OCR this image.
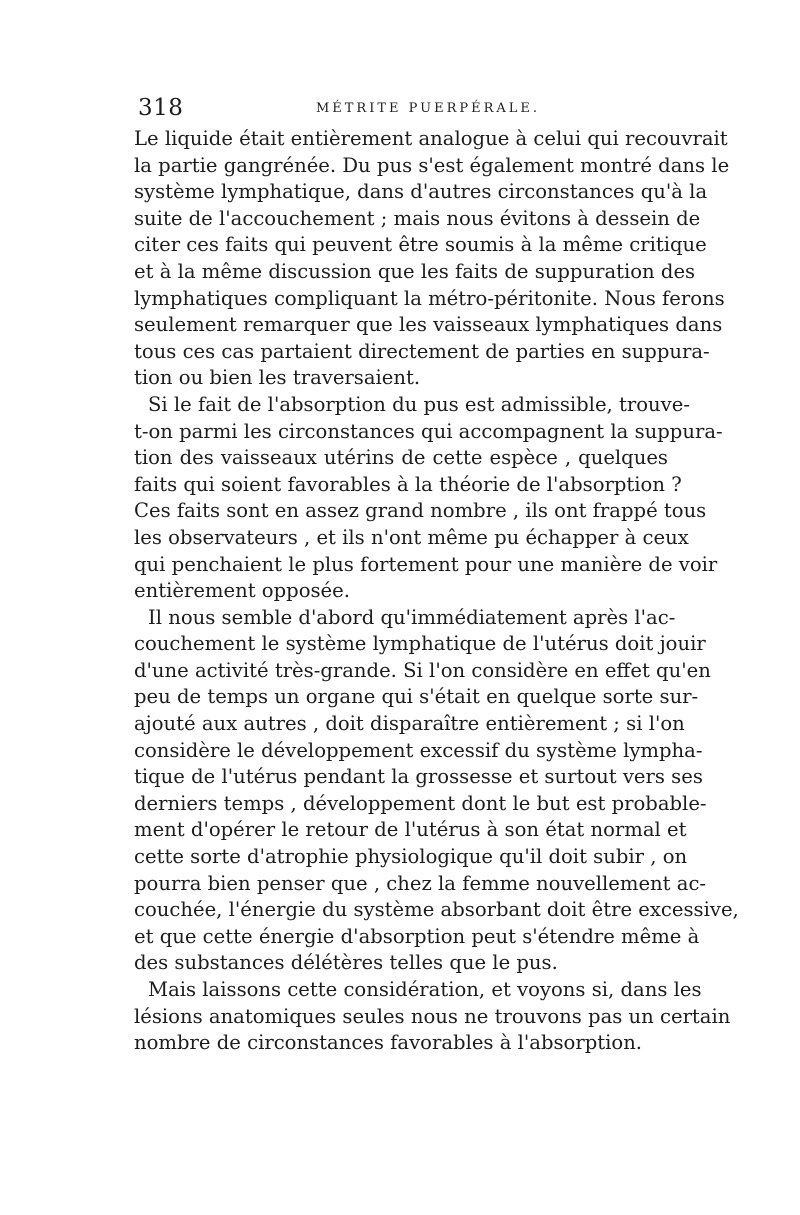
318	MÉTRITE PUERPÉRALE.
Le liquide était entièrement analogue à celui qui recouvrait
la partie gangrénée. Du pus s'est également montré dans le
système lymphatique, dans d'autres circonstances qu'à la
suite de l'accouchement ; mais nous évitons à dessein de
citer ces faits qui peuvent être soumis à la même critique
et à la même discussion que les faits de suppuration des
lymphatiques compliquant la métro-péritonite. Nous ferons
seulement remarquer que les vaisseaux lymphatiques dans
tous ces cas partaient directement de parties en suppura-
tion ou bien les traversaient.
Si le fait de l'absorption du pus est admissible, trouve-
t-on parmi les circonstances qui accompagnent la suppura-
tion des vaisseaux utérins de cette espèce , quelques
faits qui soient favorables à la théorie de l'absorption ?
Ces faits sont en assez grand nombre , ils ont frappé tous
les observateurs , et ils n'ont même pu échapper à ceux
qui penchaient le plus fortement pour une manière de voir
entièrement opposée.
Il nous semble d'abord qu'immédiatement après l'ac-
couchement le système lymphatique de l'utérus doit jouir
d'une activité très-grande. Si l'on considère en effet qu'en
peu de temps un organe qui s'était en quelque sorte sur-
ajouté aux autres , doit disparaître entièrement ; si l'on
considère le développement excessif du système lympha-
tique de l'utérus pendant la grossesse et surtout vers ses
derniers temps , développement dont le but est probable-
ment d'opérer le retour de l'utérus à son état normal et
cette sorte d'atrophie physiologique qu'il doit subir , on
pourra bien penser que , chez la femme nouvellement ac-
couchée, l'énergie du système absorbant doit être excessive,
et que cette énergie d'absorption peut s'étendre même à
des substances délétères telles que le pus.
Mais laissons cette considération, et voyons si, dans les
lésions anatomiques seules nous ne trouvons pas un certain
nombre de circonstances favorables à l'absorption.
